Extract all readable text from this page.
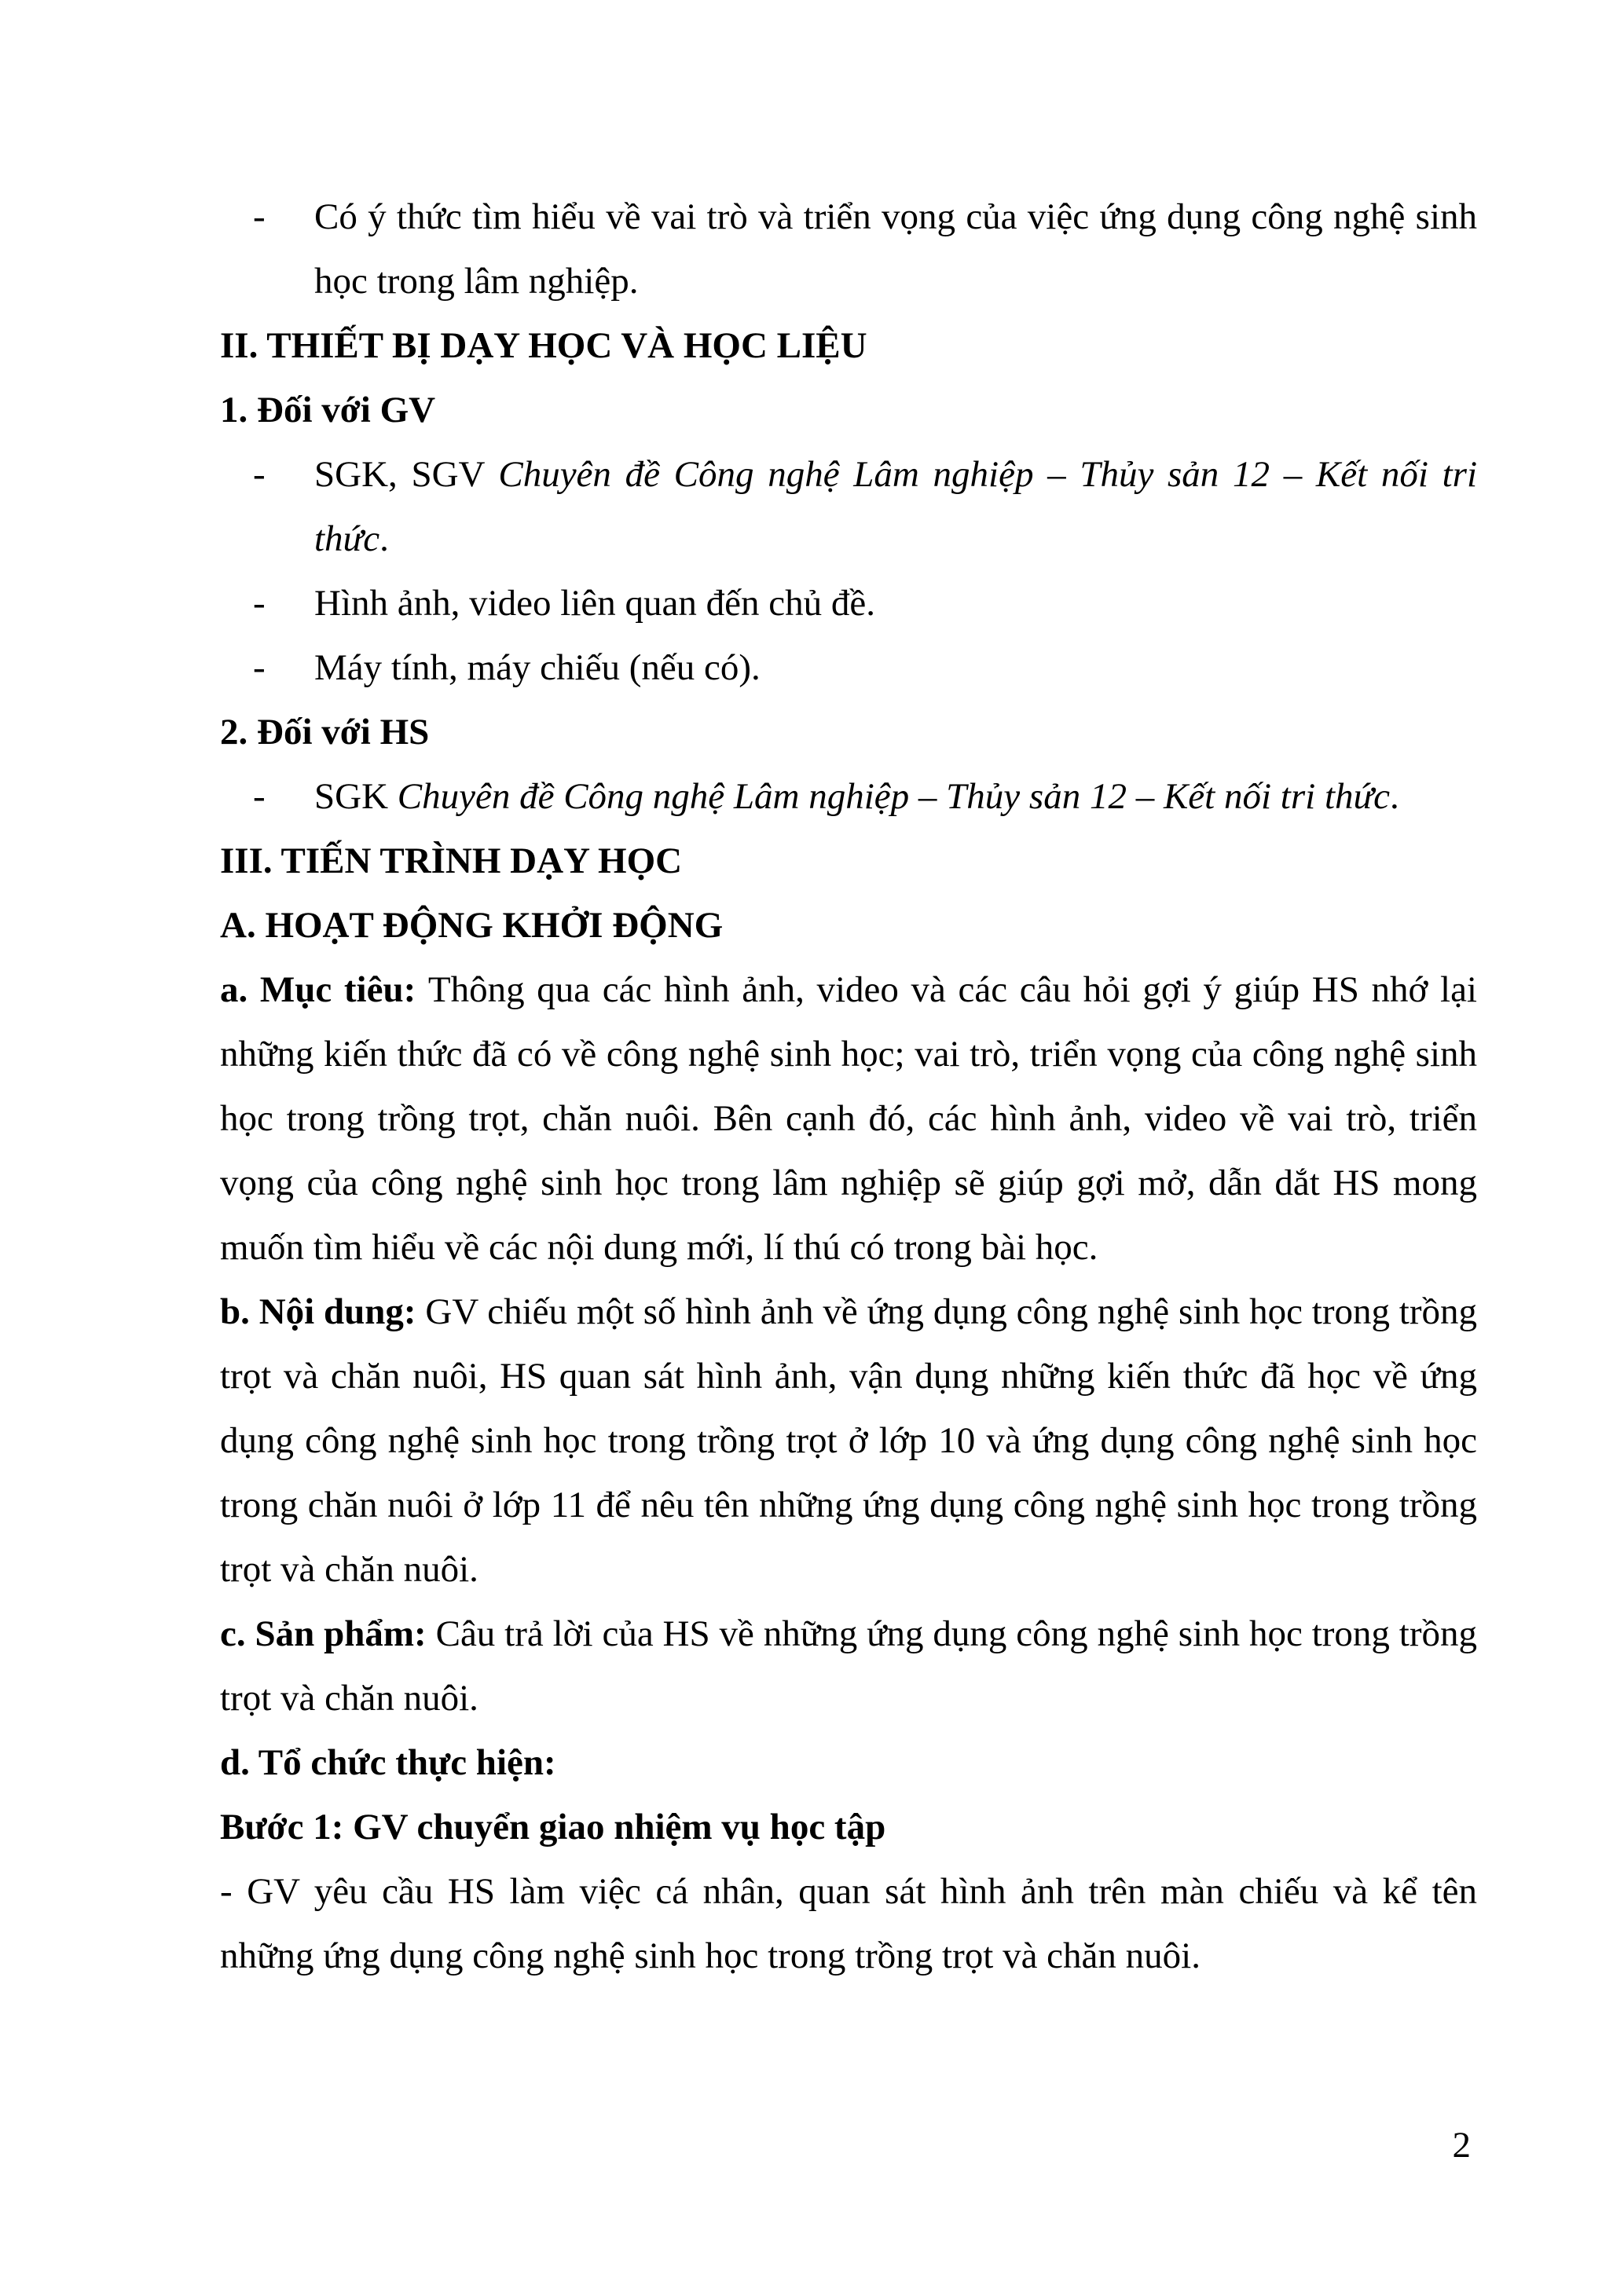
- Có ý thức tìm hiểu về vai trò và triển vọng của việc ứng dụng công nghệ sinh học trong lâm nghiệp.

II. THIẾT BỊ DẠY HỌC VÀ HỌC LIỆU

1. Đối với GV

- SGK, SGV Chuyên đề Công nghệ Lâm nghiệp – Thủy sản 12 – Kết nối tri thức.

- Hình ảnh, video liên quan đến chủ đề.

- Máy tính, máy chiếu (nếu có).

2. Đối với HS

- SGK Chuyên đề Công nghệ Lâm nghiệp – Thủy sản 12 – Kết nối tri thức.

III. TIẾN TRÌNH DẠY HỌC

A. HOẠT ĐỘNG KHỞI ĐỘNG

a. Mục tiêu: Thông qua các hình ảnh, video và các câu hỏi gợi ý giúp HS nhớ lại những kiến thức đã có về công nghệ sinh học; vai trò, triển vọng của công nghệ sinh học trong trồng trọt, chăn nuôi. Bên cạnh đó, các hình ảnh, video về vai trò, triển vọng của công nghệ sinh học trong lâm nghiệp sẽ giúp gợi mở, dẫn dắt HS mong muốn tìm hiểu về các nội dung mới, lí thú có trong bài học.

b. Nội dung: GV chiếu một số hình ảnh về ứng dụng công nghệ sinh học trong trồng trọt và chăn nuôi, HS quan sát hình ảnh, vận dụng những kiến thức đã học về ứng dụng công nghệ sinh học trong trồng trọt ở lớp 10 và ứng dụng công nghệ sinh học trong chăn nuôi ở lớp 11 để nêu tên những ứng dụng công nghệ sinh học trong trồng trọt và chăn nuôi.

c. Sản phẩm: Câu trả lời của HS về những ứng dụng công nghệ sinh học trong trồng trọt và chăn nuôi.

d. Tổ chức thực hiện:

Bước 1: GV chuyển giao nhiệm vụ học tập

- GV yêu cầu HS làm việc cá nhân, quan sát hình ảnh trên màn chiếu và kể tên những ứng dụng công nghệ sinh học trong trồng trọt và chăn nuôi.

2
